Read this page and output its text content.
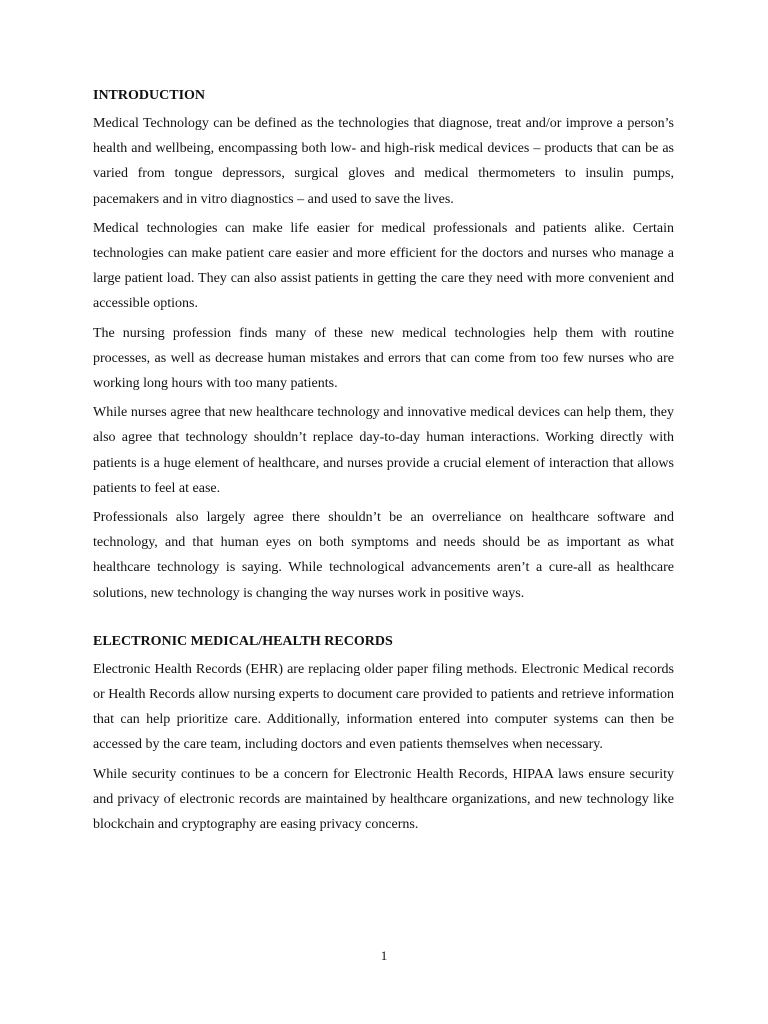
INTRODUCTION

Medical Technology can be defined as the technologies that diagnose, treat and/or improve a person’s health and wellbeing, encompassing both low- and high-risk medical devices – products that can be as varied from tongue depressors, surgical gloves and medical thermometers to insulin pumps, pacemakers and in vitro diagnostics – and used to save the lives.

Medical technologies can make life easier for medical professionals and patients alike. Certain technologies can make patient care easier and more efficient for the doctors and nurses who manage a large patient load. They can also assist patients in getting the care they need with more convenient and accessible options.

The nursing profession finds many of these new medical technologies help them with routine processes, as well as decrease human mistakes and errors that can come from too few nurses who are working long hours with too many patients.

While nurses agree that new healthcare technology and innovative medical devices can help them, they also agree that technology shouldn’t replace day-to-day human interactions. Working directly with patients is a huge element of healthcare, and nurses provide a crucial element of interaction that allows patients to feel at ease.

Professionals also largely agree there shouldn’t be an overreliance on healthcare software and technology, and that human eyes on both symptoms and needs should be as important as what healthcare technology is saying. While technological advancements aren’t a cure-all as healthcare solutions, new technology is changing the way nurses work in positive ways.

ELECTRONIC MEDICAL/HEALTH RECORDS

Electronic Health Records (EHR) are replacing older paper filing methods. Electronic Medical records or Health Records allow nursing experts to document care provided to patients and retrieve information that can help prioritize care. Additionally, information entered into computer systems can then be accessed by the care team, including doctors and even patients themselves when necessary.

While security continues to be a concern for Electronic Health Records, HIPAA laws ensure security and privacy of electronic records are maintained by healthcare organizations, and new technology like blockchain and cryptography are easing privacy concerns.

1
